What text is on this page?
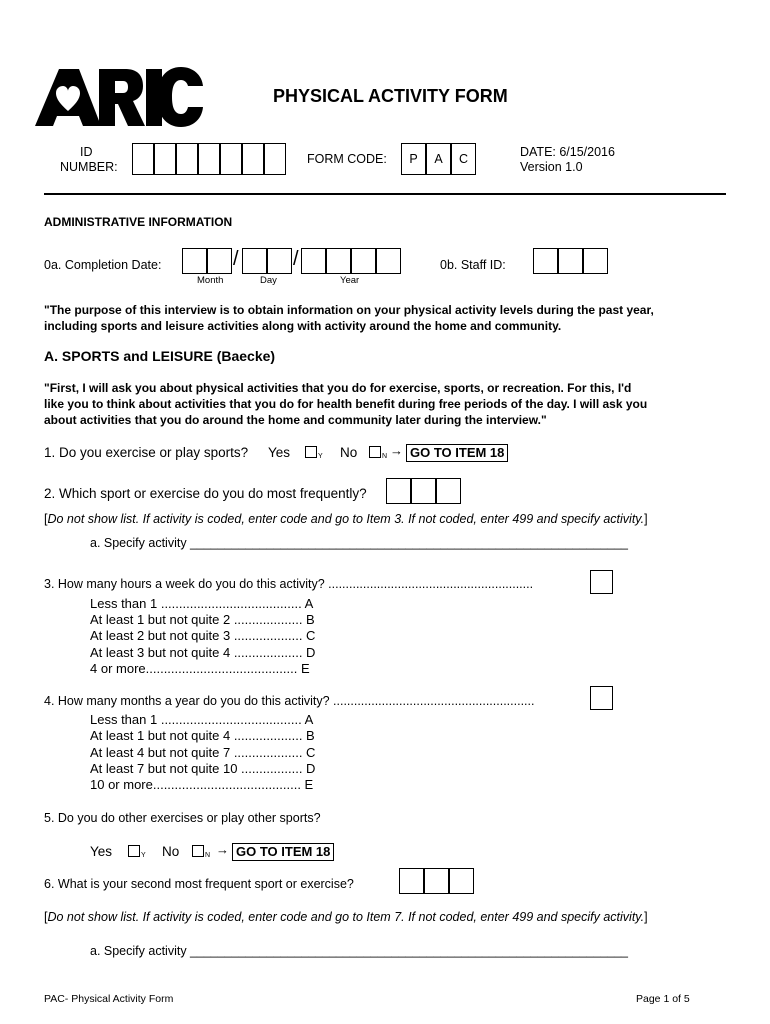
PHYSICAL ACTIVITY FORM
ID
NUMBER:
FORM CODE:	P	A	C	DATE: 6/15/2016
Version 1.0
ADMINISTRATIVE INFORMATION
0a. Completion Date:	/	/
Month	Day	Year
0b. Staff ID:
"The purpose of this interview is to obtain information on your physical activity levels during the past year,
including sports and leisure activities along with activity around the home and community.
A. SPORTS and LEISURE (Baecke)
"First, I will ask you about physical activities that you do for exercise, sports, or recreation. For this, I'd
like you to think about activities that you do for health benefit during free periods of the day. I will ask you
about activities that you do around the home and community later during the interview."
1. Do you exercise or play sports? Yes	Y No	N → GO TO ITEM 18
2. Which sport or exercise do you do most frequently?
[Do not show list. If activity is coded, enter code and go to Item 3. If not coded, enter 499 and specify activity.]
a. Specify activity _______________________________________________________________
3. How many hours a week do you do this activity? ...........................................................
Less than 1 ....................................... A
At least 1 but not quite 2 ................... B
At least 2 but not quite 3 ................... C
At least 3 but not quite 4 ................... D
4 or more.......................................... E
4. How many months a year do you do this activity? ..........................................................
Less than 1 ....................................... A
At least 1 but not quite 4 ................... B
At least 4 but not quite 7 ................... C
At least 7 but not quite 10 ................. D
10 or more......................................... E
5. Do you do other exercises or play other sports?
Yes	Y No	N → GO TO ITEM 18
6. What is your second most frequent sport or exercise?
[Do not show list. If activity is coded, enter code and go to Item 7. If not coded, enter 499 and specify activity.]
a. Specify activity _______________________________________________________________
PAC- Physical Activity Form	Page 1 of 5
